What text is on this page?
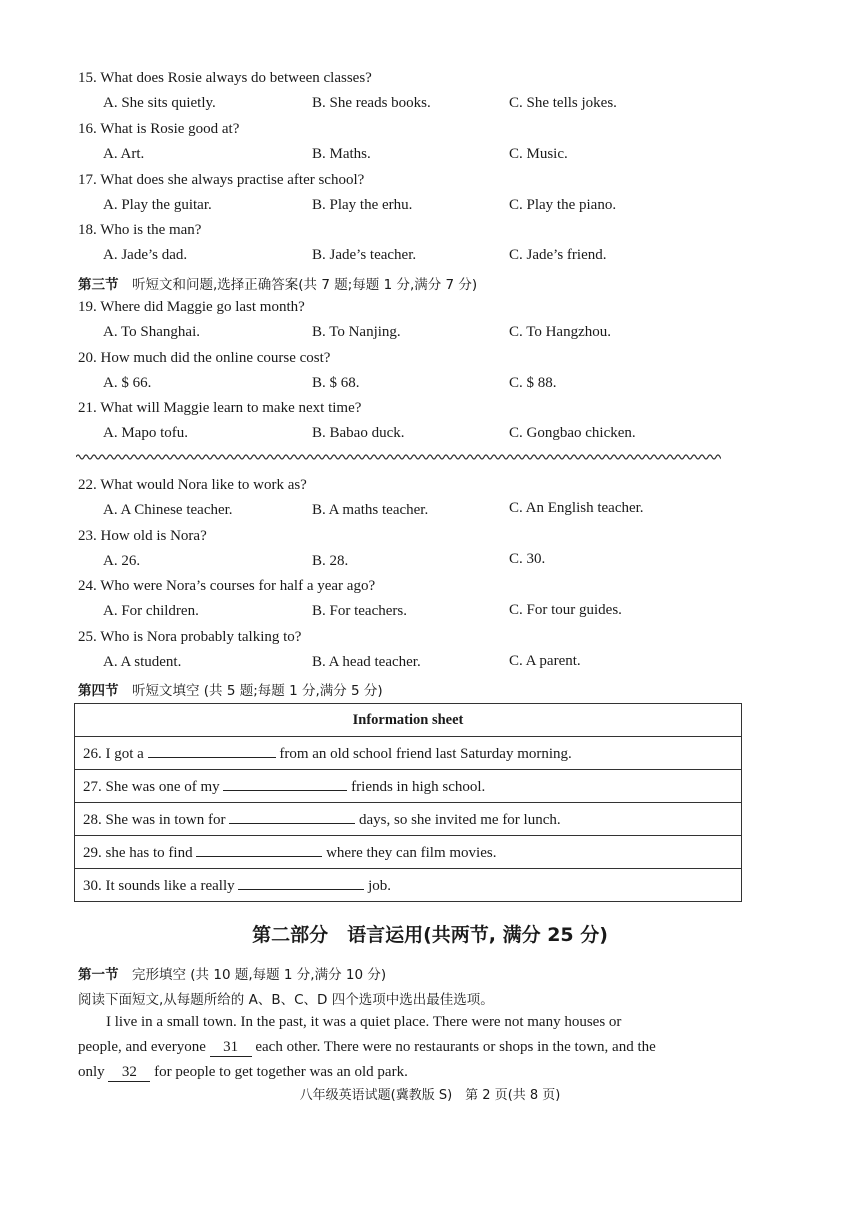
15. What does Rosie always do between classes?
A. She sits quietly.	B. She reads books.	C. She tells jokes.
16. What is Rosie good at?
A. Art.	B. Maths.	C. Music.
17. What does she always practise after school?
A. Play the guitar.	B. Play the erhu.	C. Play the piano.
18. Who is the man?
A. Jade’s dad.	B. Jade’s teacher.	C. Jade’s friend.
第三节　 听短文和问题,选择正确答案(共 7 题;每题 1 分,满分 7 分)
19. Where did Maggie go last month?
A. To Shanghai.	B. To Nanjing.	C. To Hangzhou.
20. How much did the online course cost?
A. $ 66.	B. $ 68.	C. $ 88.
21. What will Maggie learn to make next time?
A. Mapo tofu.	B. Babao duck.	C. Gongbao chicken.
22. What would Nora like to work as?
A. A Chinese teacher.	B. A maths teacher.	C. An English teacher.
23. How old is Nora?
A. 26.	B. 28.	C. 30.
24. Who were Nora’s courses for half a year ago?
A. For children.	B. For teachers.	C. For tour guides.
25. Who is Nora probably talking to?
A. A student.	B. A head teacher.	C. A parent.
第四节　 听短文填空 (共 5 题;每题 1 分,满分 5 分)
Information sheet
26. I got a	from an old school friend last Saturday morning.
27. She was one of my	friends in high school.
28. She was in town for	days, so she invited me for lunch.
29. she has to find	where they can film movies.
30. It sounds like a really	job.
第二部分　语言运用(共两节, 满分 25 分)
第一节　 完形填空 (共 10 题,每题 1 分,满分 10 分)
阅读下面短文,从每题所给的 A、B、C、D 四个选项中选出最佳选项。
I live in a small town. In the past, it was a quiet place. There were not many houses or
people, and everyone 31 each other. There were no restaurants or shops in the town, and the
only 32 for people to get together was an old park.
八年级英语试题(冀教版 S)　第 2 页(共 8 页)
